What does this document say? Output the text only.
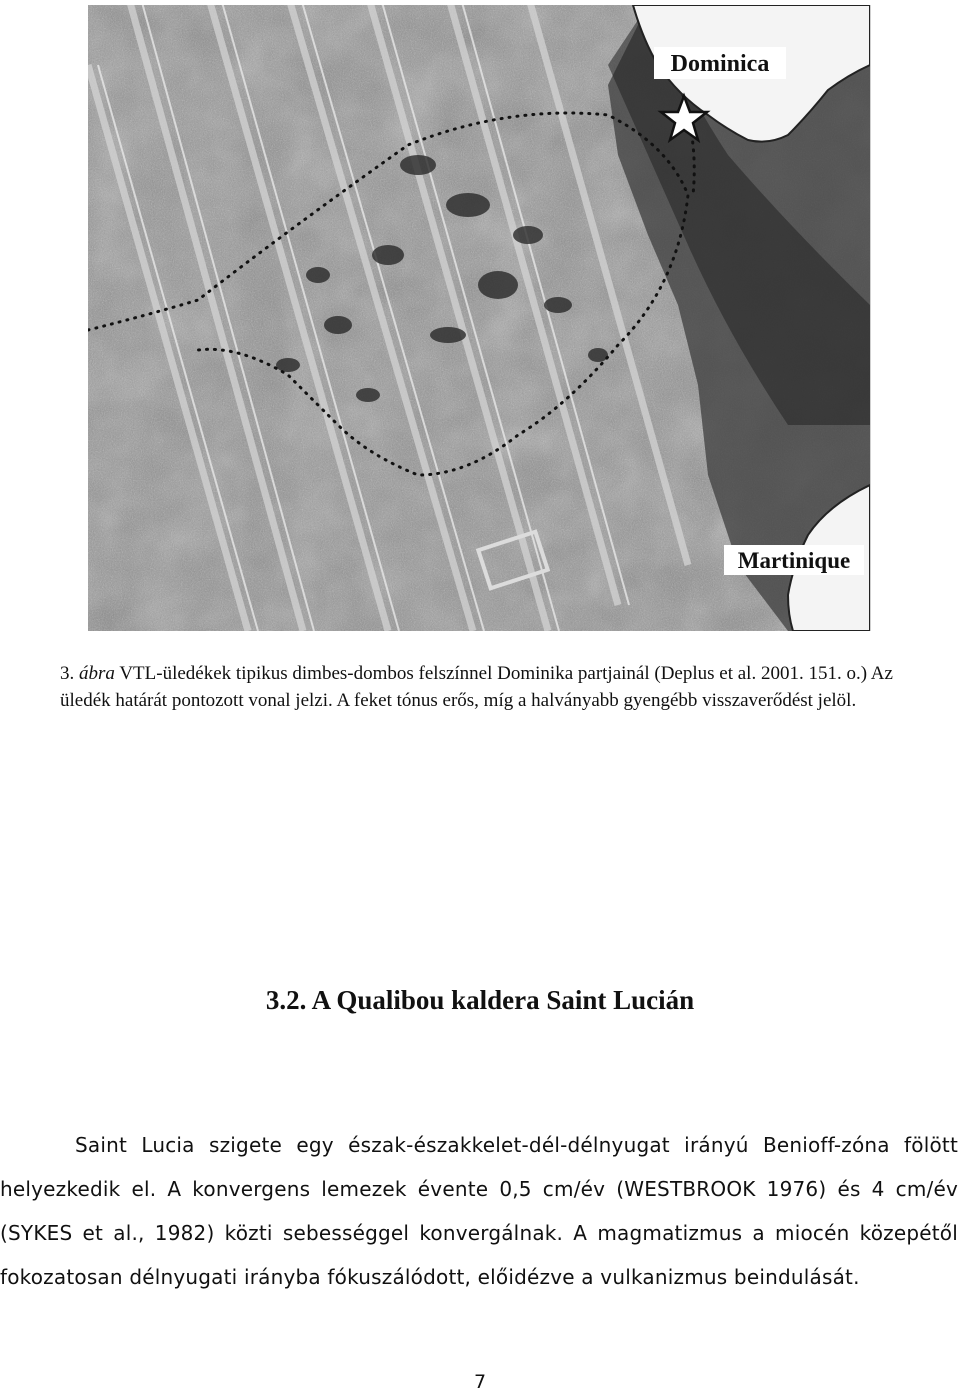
Dominica
Martinique
3. ábra VTL-üledékek tipikus dimbes-dombos felszínnel Dominika partjainál (Deplus et al. 2001. 151. o.) Az üledék határát pontozott vonal jelzi. A feket tónus erős, míg a halványabb gyengébb visszaverődést jelöl.
3.2. A Qualibou kaldera Saint Lucián
Saint Lucia szigete egy észak-északkelet-dél-délnyugat irányú Benioff-zóna fölött helyezkedik el. A konvergens lemezek évente 0,5 cm/év (WESTBROOK 1976) és 4 cm/év (SYKES et al., 1982) közti sebességgel konvergálnak. A magmatizmus a miocén közepétől fokozatosan délnyugati irányba fókuszálódott, előidézve a vulkanizmus beindulását.
7
